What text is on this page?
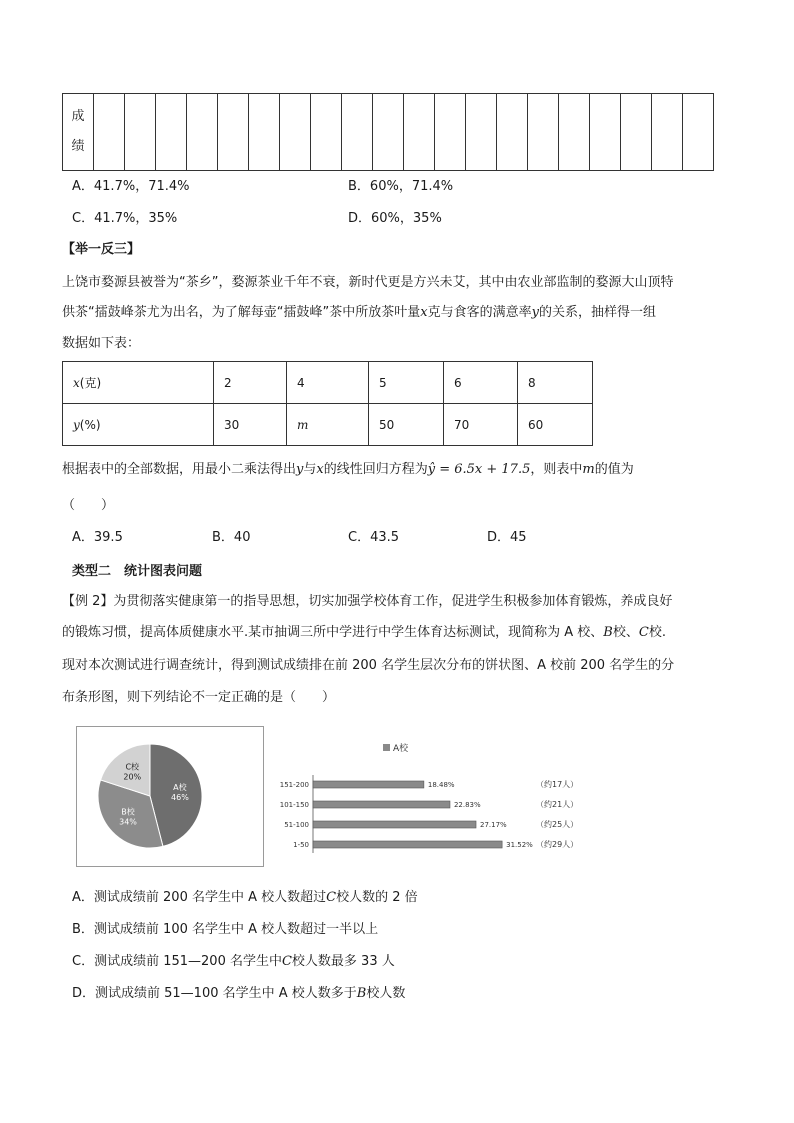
成
绩																				
A．41.7%，71.4%	B．60%，71.4%
C．41.7%，35%	D．60%，35%
【举一反三】
上饶市婺源县被誉为“茶乡”，婺源茶业千年不衰，新时代更是方兴未艾，其中由农业部监制的婺源大山顶特
供茶“擂鼓峰茶尤为出名，为了解每壶“擂鼓峰”茶中所放茶叶量x克与食客的满意率y的关系，抽样得一组
数据如下表：
x(克)	2	4	5	6	8
y(%)	30	m	50	70	60
根据表中的全部数据，用最小二乘法得出y与x的线性回归方程为ŷ = 6.5x + 17.5，则表中m的值为
（　　）
A．39.5	B．40	C．43.5	D．45
类型二　统计图表问题
【例 2】为贯彻落实健康第一的指导思想，切实加强学校体育工作，促进学生积极参加体育锻炼，养成良好
的锻炼习惯，提高体质健康水平.某市抽调三所中学进行中学生体育达标测试，现简称为 A 校、B校、C校.
现对本次测试进行调查统计，得到测试成绩排在前 200 名学生层次分布的饼状图、A 校前 200 名学生的分
布条形图，则下列结论不一定正确的是（　　）
A校
46%
B校
34%
C校
20%
A校
151-200	18.48%	（约17人）
101-150	22.83%	（约21人）
51-100	27.17%	（约25人）
1-50	31.52% （约29人）
A．测试成绩前 200 名学生中 A 校人数超过C校人数的 2 倍
B．测试成绩前 100 名学生中 A 校人数超过一半以上
C．测试成绩前 151—200 名学生中C校人数最多 33 人
D．测试成绩前 51—100 名学生中 A 校人数多于B校人数
